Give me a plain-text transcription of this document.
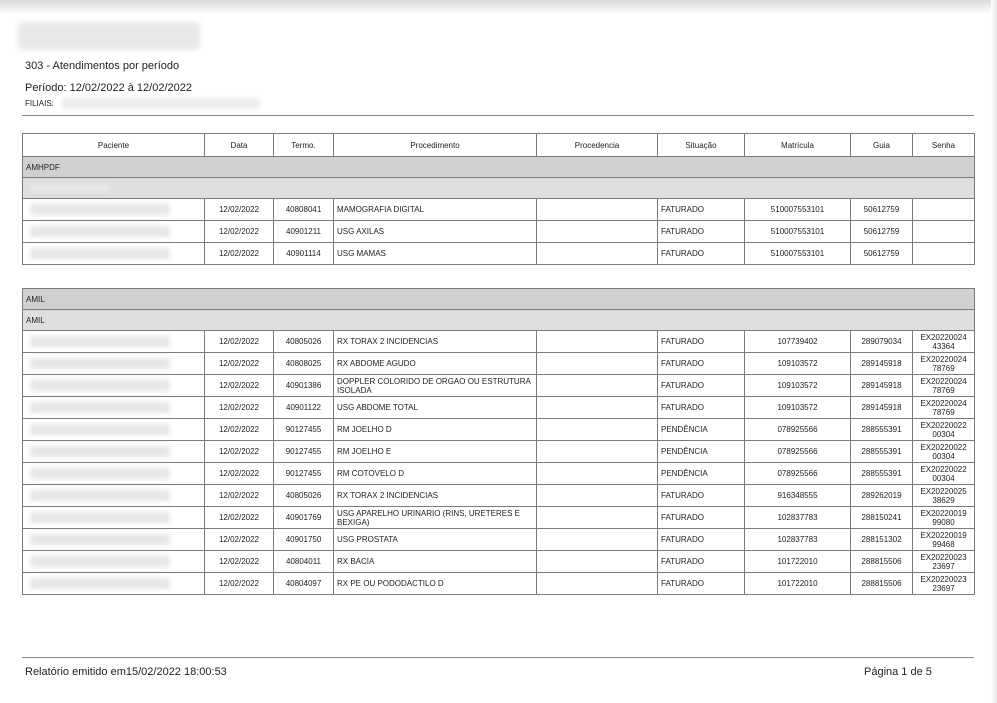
303 - Atendimentos por período
Período: 12/02/2022 à 12/02/2022
FILIAIS:
Paciente	Data	Termo.	Procedimento	Procedencia	Situação	Matrícula	Guia	Senha
AMHPDF								

	12/02/2022	40808041	MAMOGRAFIA DIGITAL		FATURADO	510007553101	50612759	

	12/02/2022	40901211	USG AXILAS		FATURADO	510007553101	50612759	

	12/02/2022	40901114	USG MAMAS		FATURADO	510007553101	50612759	
AMIL								
AMIL								

	12/02/2022	40805026	RX TORAX 2 INCIDENCIAS		FATURADO	107739402	289079034	EX20220024 43364

	12/02/2022	40808025	RX ABDOME AGUDO		FATURADO	109103572	289145918	EX20220024 78769

	12/02/2022	40901386	DOPPLER COLORIDO DE ORGAO OU ESTRUTURA ISOLADA		FATURADO	109103572	289145918	EX20220024 78769

	12/02/2022	40901122	USG ABDOME TOTAL		FATURADO	109103572	289145918	EX20220024 78769

	12/02/2022	90127455	RM JOELHO D		PENDÊNCIA	078925566	288555391	EX20220022 00304

	12/02/2022	90127455	RM JOELHO E		PENDÊNCIA	078925566	288555391	EX20220022 00304

	12/02/2022	90127455	RM COTOVELO D		PENDÊNCIA	078925566	288555391	EX20220022 00304

	12/02/2022	40805026	RX TORAX 2 INCIDENCIAS		FATURADO	916348555	289262019	EX20220025 38629

	12/02/2022	40901769	USG APARELHO URINARIO (RINS, URETERES E BEXIGA)		FATURADO	102837783	288150241	EX20220019 99080

	12/02/2022	40901750	USG PROSTATA		FATURADO	102837783	288151302	EX20220019 99468

	12/02/2022	40804011	RX BACIA		FATURADO	101722010	288815506	EX20220023 23697

	12/02/2022	40804097	RX PE OU PODODACTILO D		FATURADO	101722010	288815506	EX20220023 23697
Relatório emitido em15/02/2022 18:00:53	Página 1 de 5
